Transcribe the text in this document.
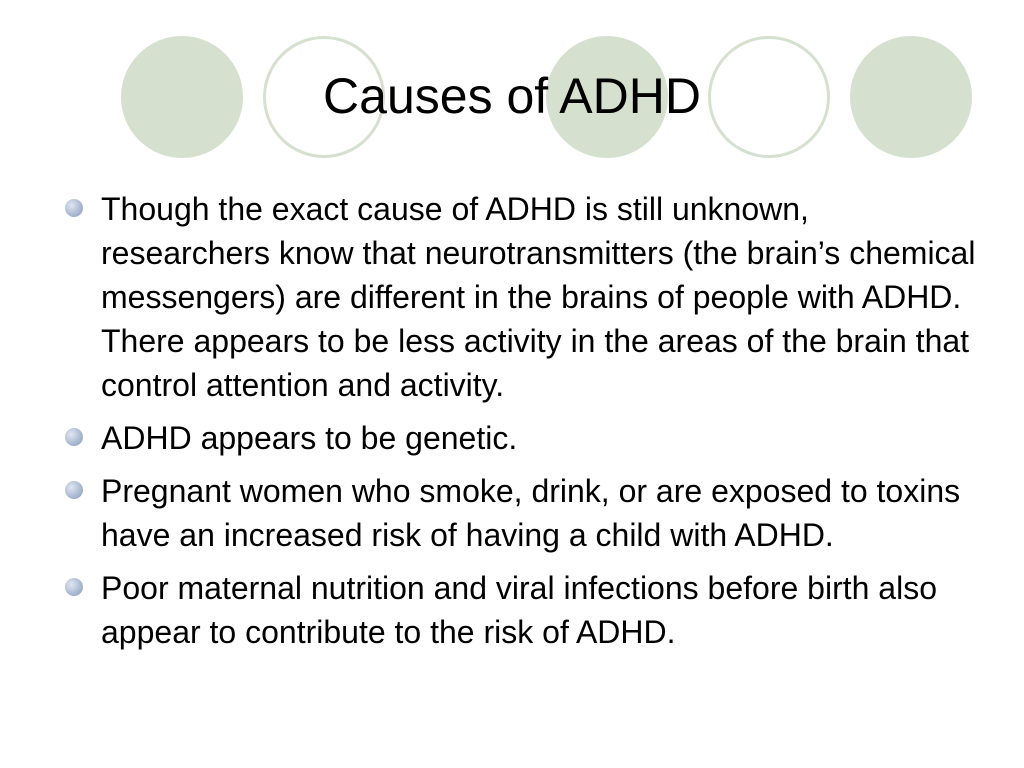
Causes of ADHD
Though the exact cause of ADHD is still unknown, researchers know that neurotransmitters (the brain’s chemical messengers) are different in the brains of people with ADHD. There appears to be less activity in the areas of the brain that control attention and activity.
ADHD appears to be genetic.
Pregnant women who smoke, drink, or are exposed to toxins have an increased risk of having a child with ADHD.
Poor maternal nutrition and viral infections before birth also appear to contribute to the risk of ADHD.
